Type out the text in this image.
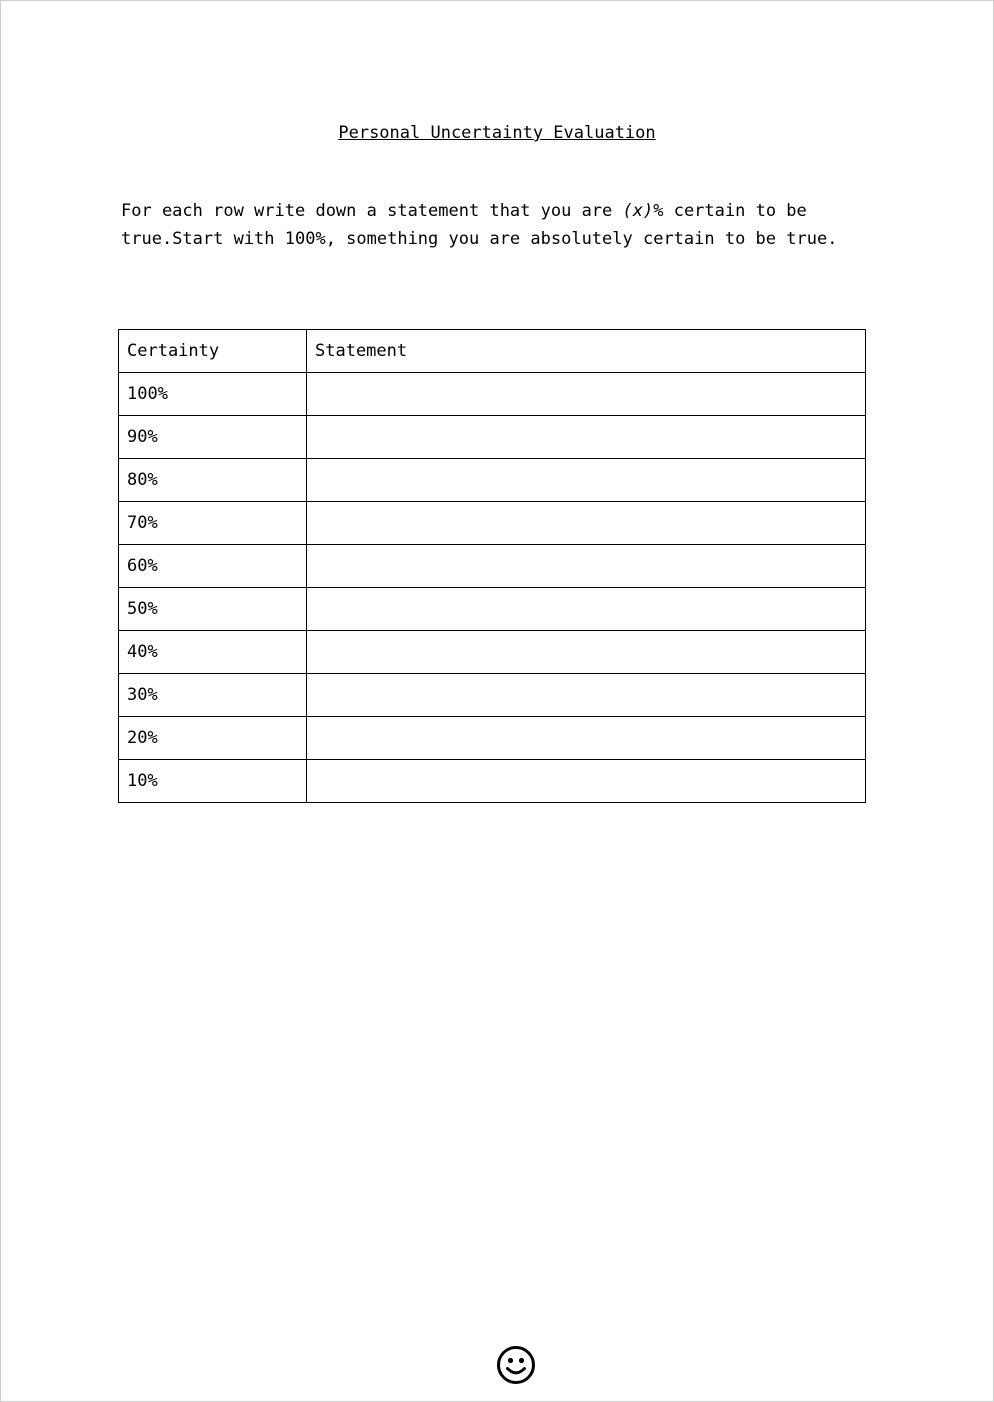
Personal Uncertainty Evaluation

For each row write down a statement that you are (x)% certain to be true.Start with 100%, something you are absolutely certain to be true.

Certainty	Statement
100%	
90%	
80%	
70%	
60%	
50%	
40%	
30%	
20%	
10%	
